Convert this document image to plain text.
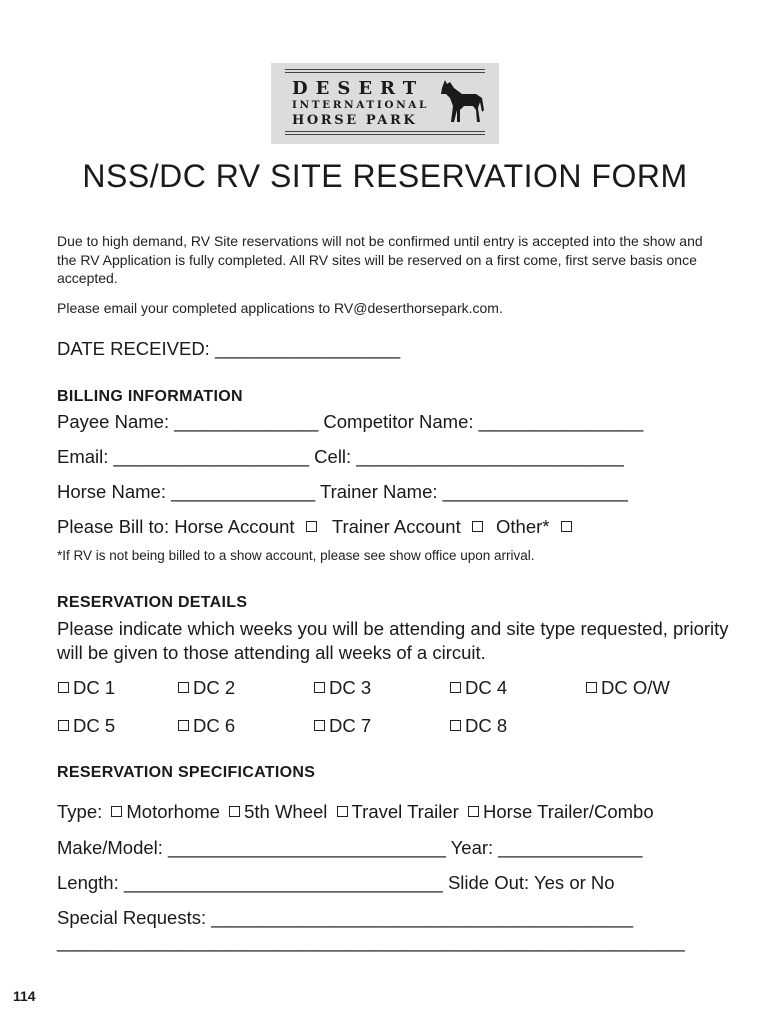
DESERT
INTERNATIONAL
HORSE PARK
NSS/DC RV SITE RESERVATION FORM
Due to high demand, RV Site reservations will not be confirmed until entry is accepted into the show and the RV Application is fully completed. All RV sites will be reserved on a first come, first serve basis once accepted.
Please email your completed applications to RV@deserthorsepark.com.
DATE RECEIVED: __________________
BILLING INFORMATION
Payee Name: ______________ Competitor Name: ________________
Email: ___________________ Cell: __________________________
Horse Name: ______________ Trainer Name: __________________
Please Bill to: Horse Account Trainer Account Other*
*If RV is not being billed to a show account, please see show office upon arrival.
RESERVATION DETAILS
Please indicate which weeks you will be attending and site type requested, priority will be given to those attending all weeks of a circuit.
DC 1	DC 2	DC 3	DC 4	DC O/W
DC 5	DC 6	DC 7	DC 8
RESERVATION SPECIFICATIONS
Type: Motorhome 5th Wheel Travel Trailer Horse Trailer/Combo
Make/Model: ___________________________ Year: ______________
Length: _______________________________ Slide Out: Yes or No
Special Requests: _________________________________________
_____________________________________________________________
114
